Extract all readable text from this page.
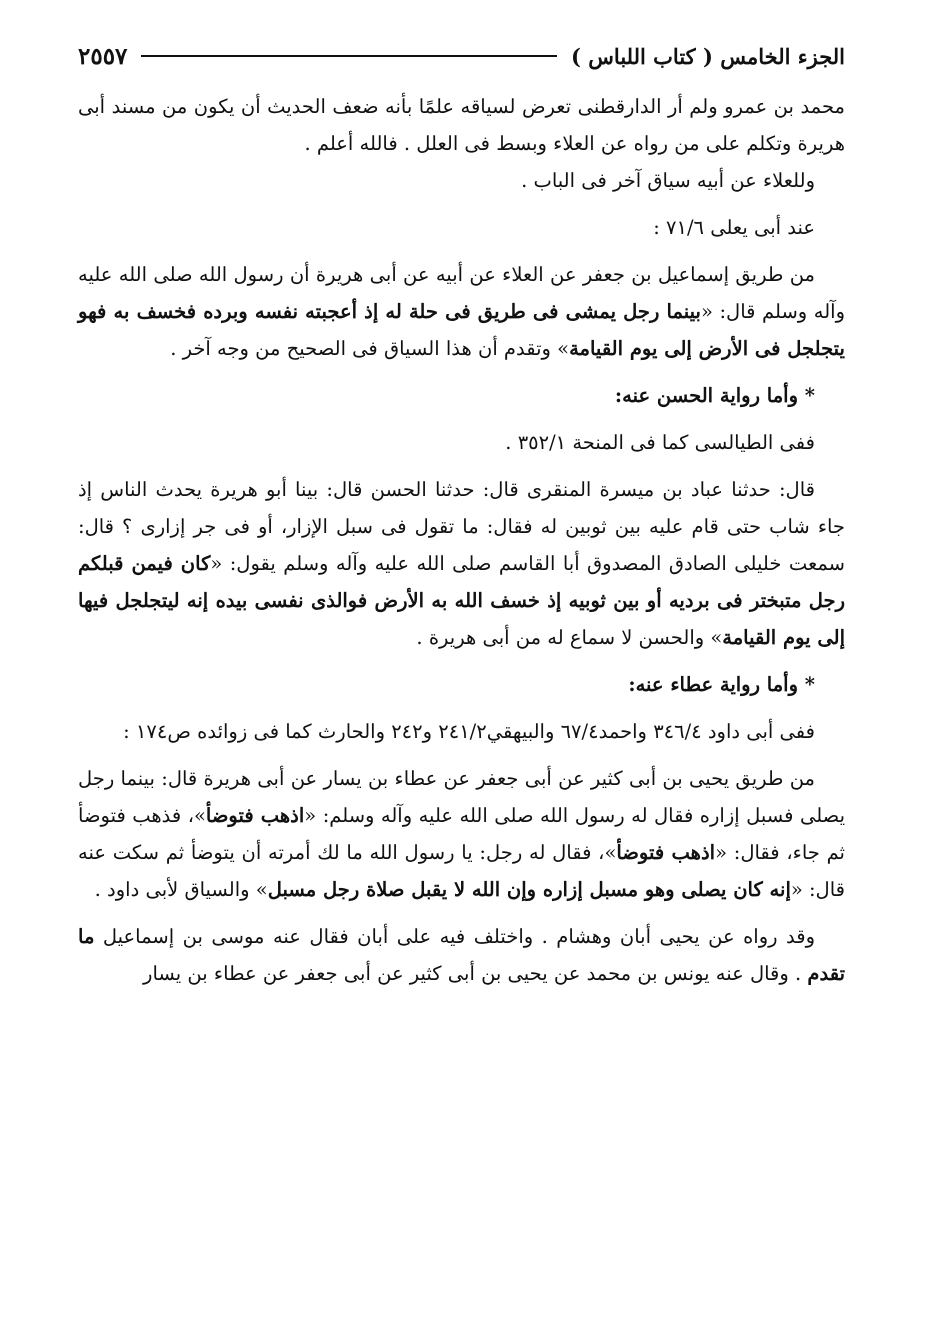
الجزء الخامس ( كتاب اللباس )
٢٥٥٧

محمد بن عمرو ولم أر الدارقطنى تعرض لسياقه علمًا بأنه ضعف الحديث أن يكون من مسند أبى هريرة وتكلم على من رواه عن العلاء وبسط فى العلل . فالله أعلم .

وللعلاء عن أبيه سياق آخر فى الباب .

عند أبى يعلى ٧١/٦ :

من طريق إسماعيل بن جعفر عن العلاء عن أبيه عن أبى هريرة أن رسول الله صلى الله عليه وآله وسلم قال: «بينما رجل يمشى فى طريق فى حلة له إذ أعجبته نفسه وبرده فخسف به فهو يتجلجل فى الأرض إلى يوم القيامة» وتقدم أن هذا السياق فى الصحيح من وجه آخر .

* وأما رواية الحسن عنه:

ففى الطيالسى كما فى المنحة ٣٥٢/١ .

قال: حدثنا عباد بن ميسرة المنقرى قال: حدثنا الحسن قال: بينا أبو هريرة يحدث الناس إذ جاء شاب حتى قام عليه بين ثوبين له فقال: ما تقول فى سبل الإزار، أو فى جر إزارى ؟ قال: سمعت خليلى الصادق المصدوق أبا القاسم صلى الله عليه وآله وسلم يقول: «كان فيمن قبلكم رجل متبختر فى برديه أو بين ثوبيه إذ خسف الله به الأرض فوالذى نفسى بيده إنه ليتجلجل فيها إلى يوم القيامة» والحسن لا سماع له من أبى هريرة .

* وأما رواية عطاء عنه:

ففى أبى داود ٣٤٦/٤ واحمد٦٧/٤ والبيهقي٢٤١/٢ و٢٤٢ والحارث كما فى زوائده ص١٧٤ :

من طريق يحيى بن أبى كثير عن أبى جعفر عن عطاء بن يسار عن أبى هريرة قال: بينما رجل يصلى فسبل إزاره فقال له رسول الله صلى الله عليه وآله وسلم: «اذهب فتوضأ»، فذهب فتوضأ ثم جاء، فقال: «اذهب فتوضأ»، فقال له رجل: يا رسول الله ما لك أمرته أن يتوضأ ثم سكت عنه قال: «إنه كان يصلى وهو مسبل إزاره وإن الله لا يقبل صلاة رجل مسبل» والسياق لأبى داود .

وقد رواه عن يحيى أبان وهشام . واختلف فيه على أبان فقال عنه موسى بن إسماعيل ما تقدم . وقال عنه يونس بن محمد عن يحيى بن أبى كثير عن أبى جعفر عن عطاء بن يسار
